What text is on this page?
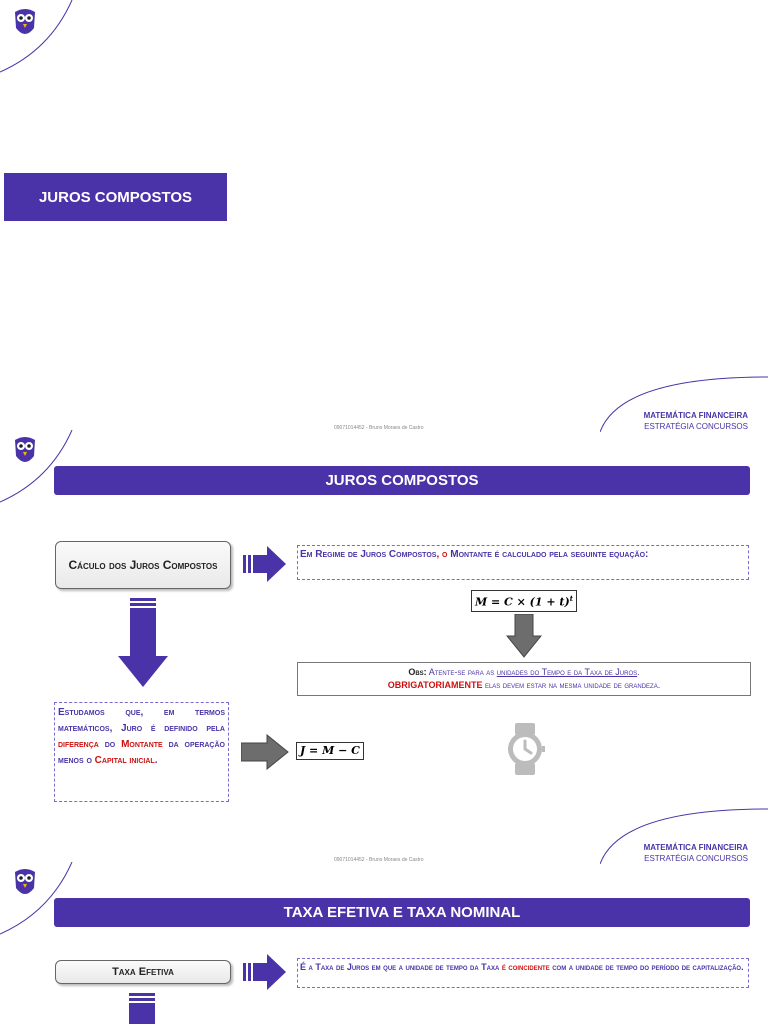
JUROS COMPOSTOS
09071014452 - Bruno Moraes de Castro
MATEMÁTICA FINANCEIRA
ESTRATÉGIA CONCURSOS
JUROS COMPOSTOS
Cáculo dos Juros Compostos
Em Regime de Juros Compostos, o Montante é calculado pela seguinte equação:
$M = C \times (1 + t)^t$
Obs: Atente-se para as unidades do Tempo e da Taxa de Juros.
OBRIGATORIAMENTE elas devem estar na mesma unidade de grandeza.
Estudamos que, em termos matemáticos, Juro é definido pela diferença do Montante da operação menos o Capital inicial.
J = M − C
09071014452 - Bruno Moraes de Castro
MATEMÁTICA FINANCEIRA
ESTRATÉGIA CONCURSOS
TAXA EFETIVA E TAXA NOMINAL
Taxa Efetiva	É a Taxa de Juros em que a unidade de tempo da Taxa é coincidente com a unidade de tempo do período de capitalização.
